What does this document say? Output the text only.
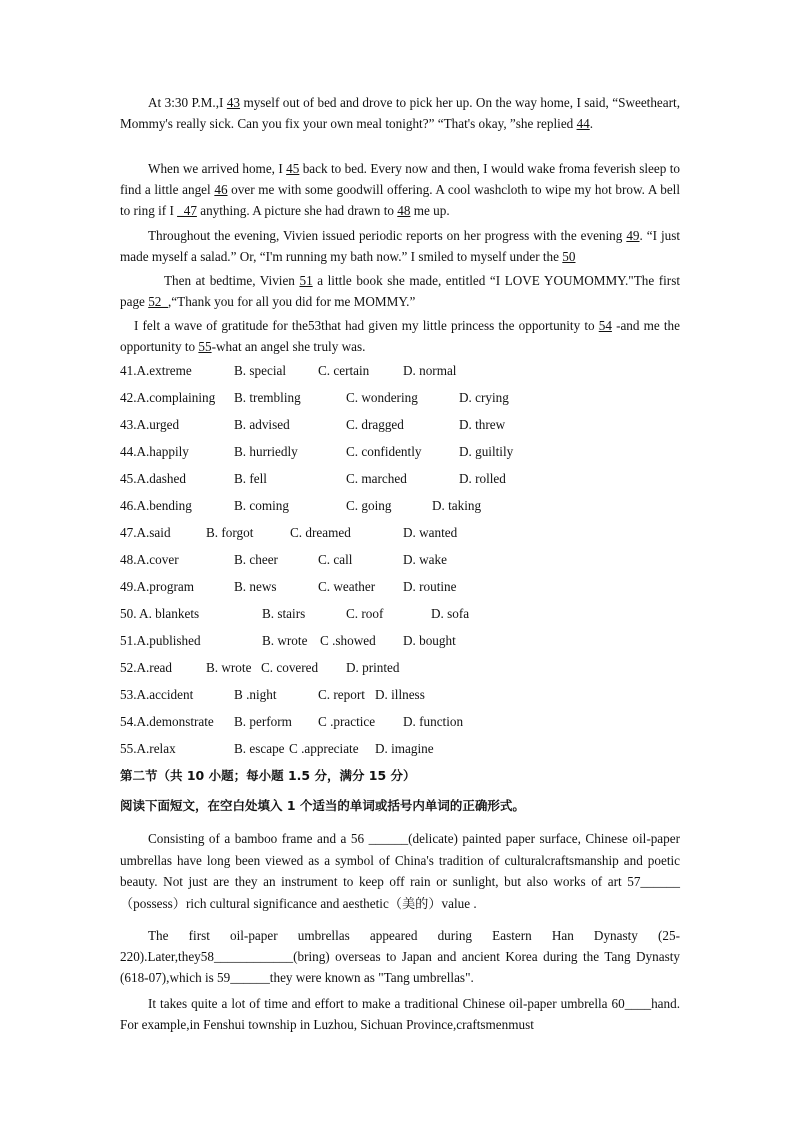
At 3:30 P.M.,I 43 myself out of bed and drove to pick her up. On the way home, I said, “Sweetheart, Mommy's really sick. Can you fix your own meal tonight?” “That's okay, ”she replied 44.

When we arrived home, I 45 back to bed. Every now and then, I would wake froma feverish sleep to find a little angel 46 over me with some goodwill offering. A cool washcloth to wipe my hot brow. A bell to ring if I _47 anything. A picture she had drawn to 48 me up.

Throughout the evening, Vivien issued periodic reports on her progress with the evening 49. “I just made myself a salad.” Or, “I'm running my bath now.” I smiled to myself under the 50

Then at bedtime, Vivien 51 a little book she made, entitled “I LOVE YOUMOMMY."The first page 52_,“Thank you for all you did for me MOMMY.”

I felt a wave of gratitude for the53that had given my little princess the opportunity to 54 -and me the opportunity to 55-what an angel she truly was.

41.A.extreme	B. special C. certain	D. normal
42.A.complaining B. trembling	C. wondering	D. crying
43.A.urged	B. advised	C. dragged	D. threw
44.A.happily	B. hurriedly	C. confidently	D. guiltily
45.A.dashed	B. fell	C. marched	D. rolled
46.A.bending	B. coming	C. going	D. taking
47.A.said	B. forgot	C. dreamed	D. wanted
48.A.cover	B. cheer	C. call	D. wake
49.A.program	B. news	C. weather D. routine
50. A. blankets	B. stairs	C. roof	D. sofa
51.A.published	B. wrote C .showed D. bought
52.A.read	B. wrote C. covered D. printed
53.A.accident	B .night	C. report D. illness
54.A.demonstrate B. perform C .practice D. function
55.A.relax	B. escape C .appreciate D. imagine
第二节（共 10 小题；每小题 1.5 分，满分 15 分）
阅读下面短文，在空白处填入 1 个适当的单词或括号内单词的正确形式。

Consisting of a bamboo frame and a 56 ______(delicate) painted paper surface, Chinese oil-paper umbrellas have long been viewed as a symbol of China's tradition of culturalcraftsmanship and poetic beauty. Not just are they an instrument to keep off rain or sunlight, but also works of art 57______（possess）rich cultural significance and aesthetic（美的）value .

The first oil-paper umbrellas appeared during Eastern Han Dynasty (25-220).Later,they58____________(bring) overseas to Japan and ancient Korea during the Tang Dynasty (618-07),which is 59______they were known as "Tang umbrellas".

It takes quite a lot of time and effort to make a traditional Chinese oil-paper umbrella 60____hand. For example,in Fenshui township in Luzhou, Sichuan Province,craftsmenmust
